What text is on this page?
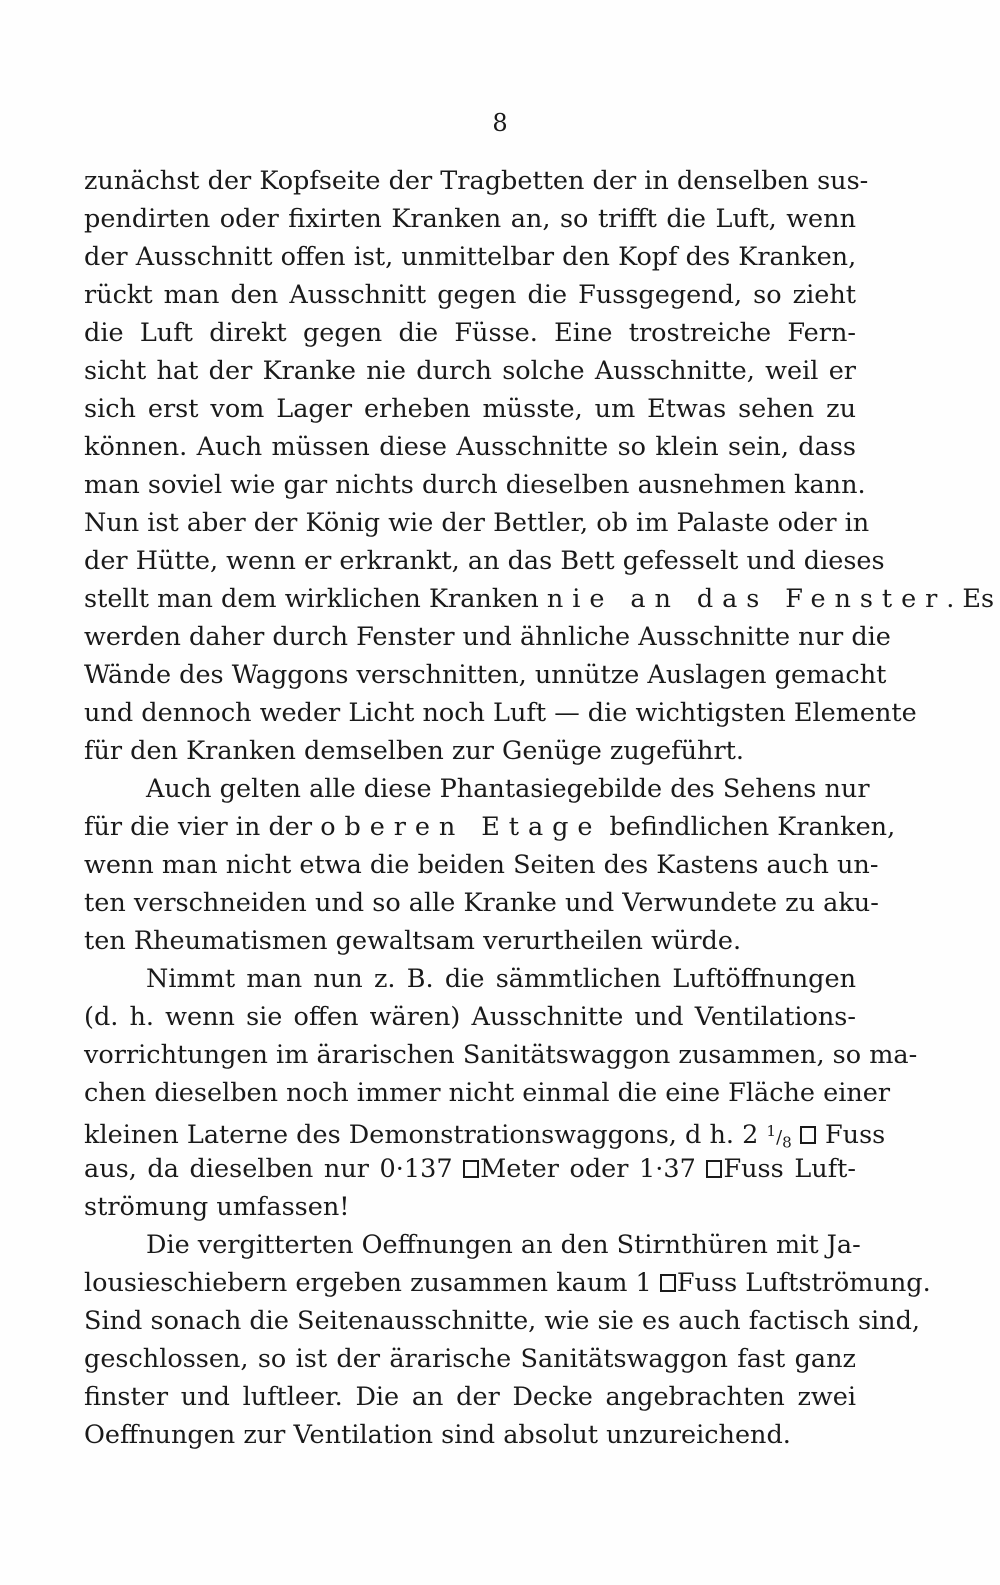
8
zunächst der Kopfseite der Tragbetten der in denselben sus-
pendirten oder fixirten Kranken an, so trifft die Luft, wenn
der Ausschnitt offen ist, unmittelbar den Kopf des Kranken,
rückt man den Ausschnitt gegen die Fussgegend, so zieht
die Luft direkt gegen die Füsse. Eine trostreiche Fern-
sicht hat der Kranke nie durch solche Ausschnitte, weil er
sich erst vom Lager erheben müsste, um Etwas sehen zu
können. Auch müssen diese Ausschnitte so klein sein, dass
man soviel wie gar nichts durch dieselben ausnehmen kann.
Nun ist aber der König wie der Bettler, ob im Palaste oder in
der Hütte, wenn er erkrankt, an das Bett gefesselt und dieses
stellt man dem wirklichen Kranken nie an das Fenster. Es
werden daher durch Fenster und ähnliche Ausschnitte nur die
Wände des Waggons verschnitten, unnütze Auslagen gemacht
und dennoch weder Licht noch Luft — die wichtigsten Elemente
für den Kranken demselben zur Genüge zugeführt.
Auch gelten alle diese Phantasiegebilde des Sehens nur
für die vier in der oberen Etage befindlichen Kranken,
wenn man nicht etwa die beiden Seiten des Kastens auch un-
ten verschneiden und so alle Kranke und Verwundete zu aku-
ten Rheumatismen gewaltsam verurtheilen würde.
Nimmt man nun z. B. die sämmtlichen Luftöffnungen
(d. h. wenn sie offen wären) Ausschnitte und Ventilations-
vorrichtungen im ärarischen Sanitätswaggon zusammen, so ma-
chen dieselben noch immer nicht einmal die eine Fläche einer
kleinen Laterne des Demonstrationswaggons, d h. 2 $^1/_8$  Fuss
aus, da dieselben nur 0·137 Meter oder 1·37 Fuss Luft-
strömung umfassen!
Die vergitterten Oeffnungen an den Stirnthüren mit Ja-
lousieschiebern ergeben zusammen kaum 1 Fuss Luftströmung.
Sind sonach die Seitenausschnitte, wie sie es auch factisch sind,
geschlossen, so ist der ärarische Sanitätswaggon fast ganz
finster und luftleer. Die an der Decke angebrachten zwei
Oeffnungen zur Ventilation sind absolut unzureichend.
